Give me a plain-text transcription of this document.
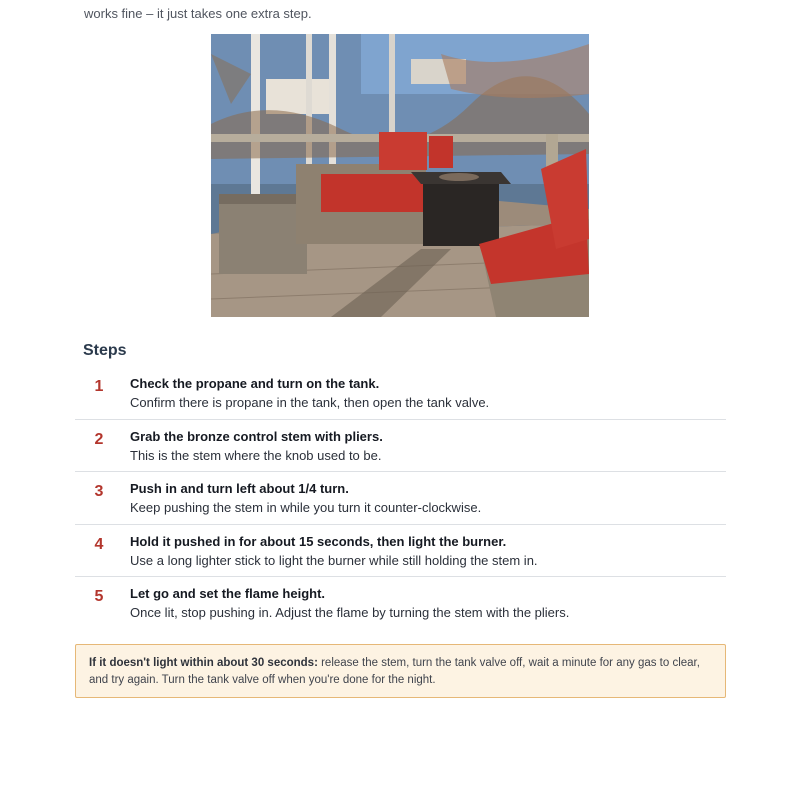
works fine – it just takes one extra step.

Steps
1	Check the propane and turn on the tank.

Confirm there is propane in the tank, then open the tank valve.

2	Grab the bronze control stem with pliers.

This is the stem where the knob used to be.

3	Push in and turn left about 1/4 turn.

Keep pushing the stem in while you turn it counter-clockwise.

4	Hold it pushed in for about 15 seconds, then light the burner.

Use a long lighter stick to light the burner while still holding the stem in.

5	Let go and set the flame height.

Once lit, stop pushing in. Adjust the flame by turning the stem with the pliers.

If it doesn't light within about 30 seconds: release the stem, turn the tank valve off, wait a minute for any gas to clear, and try again. Turn the tank valve off when you're done for the night.
